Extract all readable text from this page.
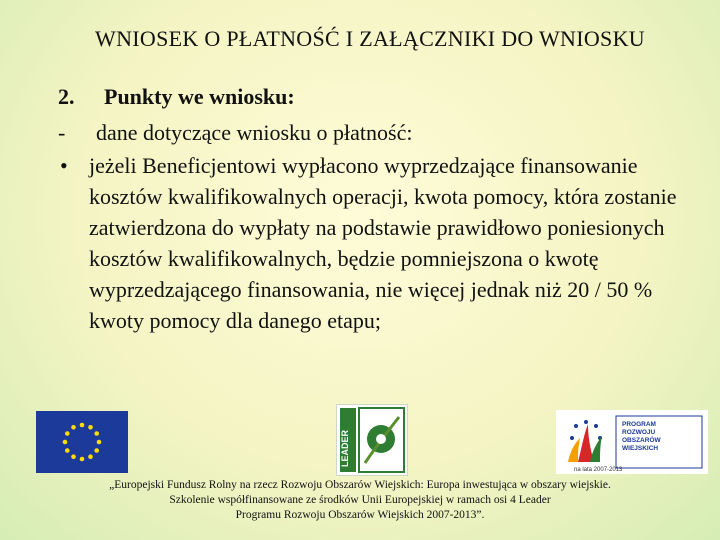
WNIOSEK O PŁATNOŚĆ I ZAŁĄCZNIKI DO WNIOSKU
2. Punkty we wniosku:
- dane dotyczące wniosku o płatność:
• jeżeli Beneficjentowi wypłacono wyprzedzające finansowanie kosztów kwalifikowalnych operacji, kwota pomocy, która zostanie zatwierdzona do wypłaty na podstawie prawidłowo poniesionych kosztów kwalifikowalnych, będzie pomniejszona o kwotę wyprzedzającego finansowania, nie więcej jednak niż 20 / 50 % kwoty pomocy dla danego etapu;
LEADER
PROGRAM
ROZWOJU
OBSZARÓW
WIEJSKICH
na lata 2007-2013
„Europejski Fundusz Rolny na rzecz Rozwoju Obszarów Wiejskich: Europa inwestująca w obszary wiejskie.
Szkolenie współfinansowane ze środków Unii Europejskiej w ramach osi 4 Leader
Programu Rozwoju Obszarów Wiejskich 2007-2013”.
